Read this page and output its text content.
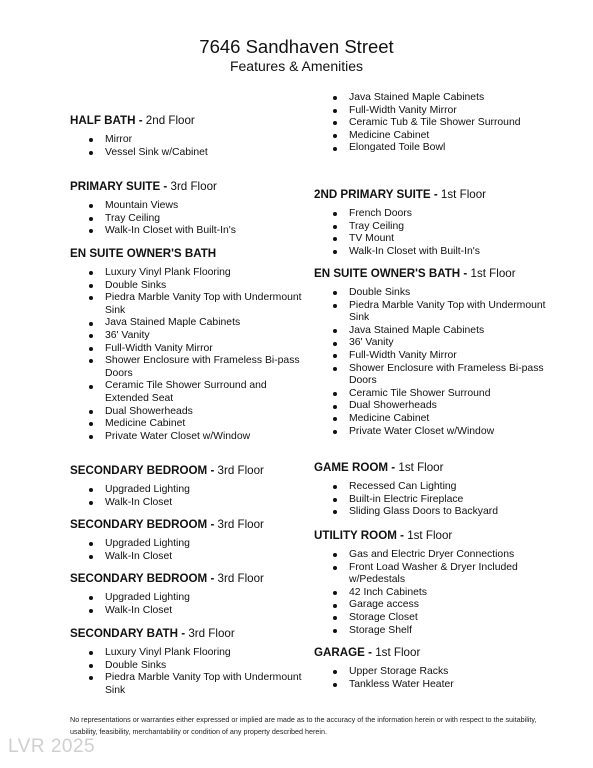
7646 Sandhaven Street
Features & Amenities
HALF BATH - 2nd Floor
Mirror
Vessel Sink w/Cabinet
PRIMARY SUITE - 3rd Floor
Mountain Views
Tray Ceiling
Walk-In Closet with Built-In's
EN SUITE OWNER'S BATH
Luxury Vinyl Plank Flooring
Double Sinks
Piedra Marble Vanity Top with Undermount Sink
Java Stained Maple Cabinets
36' Vanity
Full-Width Vanity Mirror
Shower Enclosure with Frameless Bi-pass Doors
Ceramic Tile Shower Surround and Extended Seat
Dual Showerheads
Medicine Cabinet
Private Water Closet w/Window
SECONDARY BEDROOM - 3rd Floor
Upgraded Lighting
Walk-In Closet
SECONDARY BEDROOM - 3rd Floor
Upgraded Lighting
Walk-In Closet
SECONDARY BEDROOM - 3rd Floor
Upgraded Lighting
Walk-In Closet
SECONDARY BATH - 3rd Floor
Luxury Vinyl Plank Flooring
Double Sinks
Piedra Marble Vanity Top with Undermount Sink
Java Stained Maple Cabinets
Full-Width Vanity Mirror
Ceramic Tub & Tile Shower Surround
Medicine Cabinet
Elongated Toile Bowl
2ND PRIMARY SUITE - 1st Floor
French Doors
Tray Ceiling
TV Mount
Walk-In Closet with Built-In's
EN SUITE OWNER'S BATH - 1st Floor
Double Sinks
Piedra Marble Vanity Top with Undermount Sink
Java Stained Maple Cabinets
36' Vanity
Full-Width Vanity Mirror
Shower Enclosure with Frameless Bi-pass Doors
Ceramic Tile Shower Surround
Dual Showerheads
Medicine Cabinet
Private Water Closet w/Window
GAME ROOM - 1st Floor
Recessed Can Lighting
Built-in Electric Fireplace
Sliding Glass Doors to Backyard
UTILITY ROOM - 1st Floor
Gas and Electric Dryer Connections
Front Load Washer & Dryer Included w/Pedestals
42 Inch Cabinets
Garage access
Storage Closet
Storage Shelf
GARAGE - 1st Floor
Upper Storage Racks
Tankless Water Heater
No representations or warranties either expressed or implied are made as to the accuracy of the information herein or with respect to the suitability, usability, feasibility, merchantability or condition of any property described herein.
LVR 2025
